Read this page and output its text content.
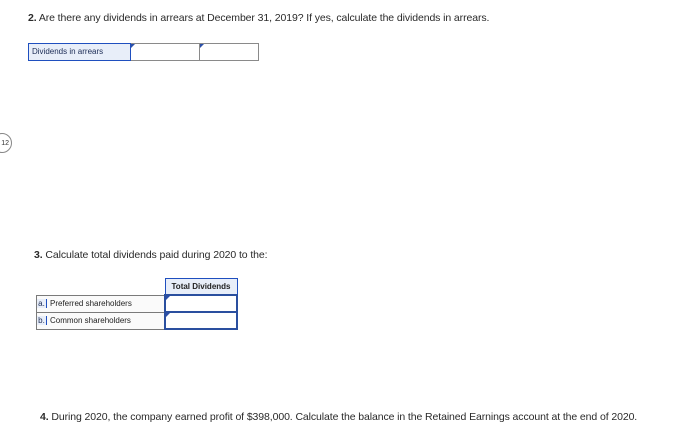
2. Are there any dividends in arrears at December 31, 2019? If yes, calculate the dividends in arrears.
Dividends in arrears
12
3. Calculate total dividends paid during 2020 to the:
	Total Dividends
a. Preferred shareholders	

b. Common shareholders	
4. During 2020, the company earned profit of $398,000. Calculate the balance in the Retained Earnings account at the end of 2020.
